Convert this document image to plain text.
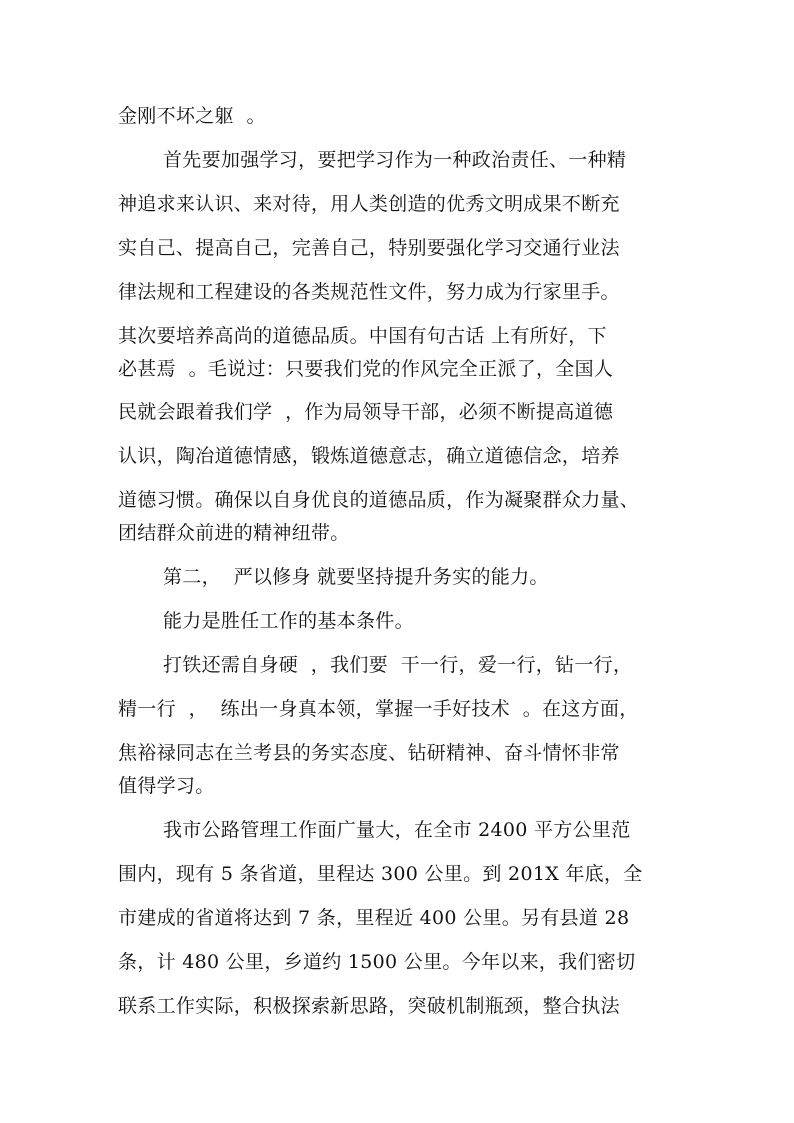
金刚不坏之躯  。
首先要加强学习，要把学习作为一种政治责任、一种精
神追求来认识、来对待，用人类创造的优秀文明成果不断充
实自己、提高自己，完善自己，特别要强化学习交通行业法
律法规和工程建设的各类规范性文件，努力成为行家里手。
其次要培养高尚的道德品质。中国有句古话 上有所好，下
必甚焉  。毛说过：只要我们党的作风完全正派了，全国人
民就会跟着我们学  ，作为局领导干部，必须不断提高道德
认识，陶冶道德情感，锻炼道德意志，确立道德信念，培养
道德习惯。确保以自身优良的道德品质，作为凝聚群众力量、
团结群众前进的精神纽带。
第二，  严以修身 就要坚持提升务实的能力。
能力是胜任工作的基本条件。
打铁还需自身硬  ，我们要  干一行，爱一行，钻一行，
精一行  ，  练出一身真本领，掌握一手好技术  。在这方面，
焦裕禄同志在兰考县的务实态度、钻研精神、奋斗情怀非常
值得学习。
我市公路管理工作面广量大，在全市 2400 平方公里范
围内，现有 5 条省道，里程达 300 公里。到 201X 年底，全
市建成的省道将达到 7 条，里程近 400 公里。另有县道 28
条，计 480 公里，乡道约 1500 公里。今年以来，我们密切
联系工作实际，积极探索新思路，突破机制瓶颈，整合执法
